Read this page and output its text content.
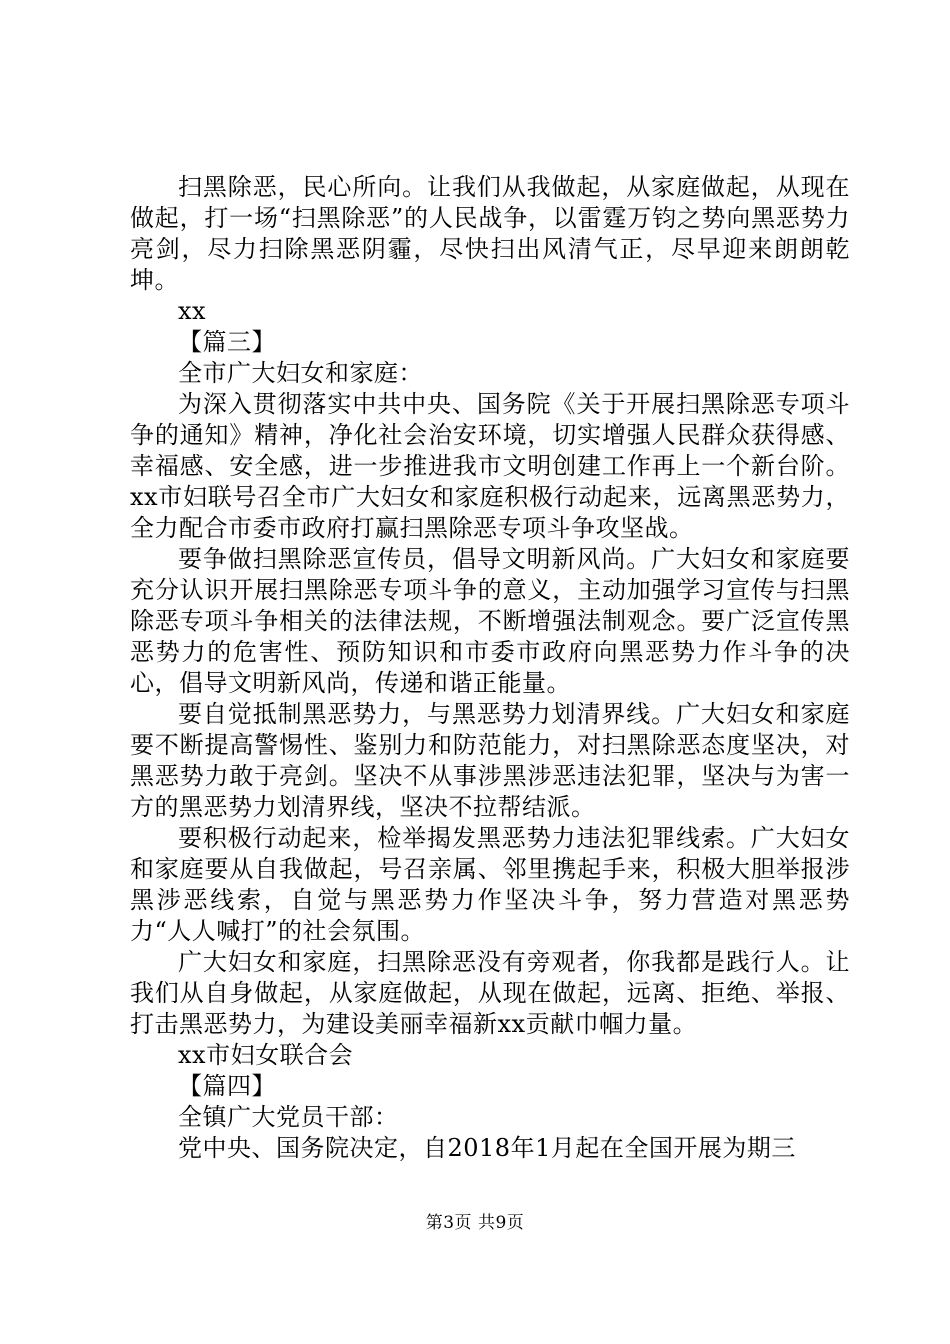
扫黑除恶，民心所向。让我们从我做起，从家庭做起，从现在做起，打一场“扫黑除恶”的人民战争，以雷霆万钧之势向黑恶势力亮剑，尽力扫除黑恶阴霾，尽快扫出风清气正，尽早迎来朗朗乾坤。

xx

【篇三】

全市广大妇女和家庭：

为深入贯彻落实中共中央、国务院《关于开展扫黑除恶专项斗争的通知》精神，净化社会治安环境，切实增强人民群众获得感、幸福感、安全感，进一步推进我市文明创建工作再上一个新台阶。xx市妇联号召全市广大妇女和家庭积极行动起来，远离黑恶势力，全力配合市委市政府打赢扫黑除恶专项斗争攻坚战。

要争做扫黑除恶宣传员，倡导文明新风尚。广大妇女和家庭要充分认识开展扫黑除恶专项斗争的意义，主动加强学习宣传与扫黑除恶专项斗争相关的法律法规，不断增强法制观念。要广泛宣传黑恶势力的危害性、预防知识和市委市政府向黑恶势力作斗争的决心，倡导文明新风尚，传递和谐正能量。

要自觉抵制黑恶势力，与黑恶势力划清界线。广大妇女和家庭要不断提高警惕性、鉴别力和防范能力，对扫黑除恶态度坚决，对黑恶势力敢于亮剑。坚决不从事涉黑涉恶违法犯罪，坚决与为害一方的黑恶势力划清界线，坚决不拉帮结派。

要积极行动起来，检举揭发黑恶势力违法犯罪线索。广大妇女和家庭要从自我做起，号召亲属、邻里携起手来，积极大胆举报涉黑涉恶线索，自觉与黑恶势力作坚决斗争，努力营造对黑恶势力“人人喊打”的社会氛围。

广大妇女和家庭，扫黑除恶没有旁观者，你我都是践行人。让我们从自身做起，从家庭做起，从现在做起，远离、拒绝、举报、打击黑恶势力，为建设美丽幸福新xx贡献巾帼力量。

xx市妇女联合会

【篇四】

全镇广大党员干部：

党中央、国务院决定，自2018年1月起在全国开展为期三

第3页 共9页
